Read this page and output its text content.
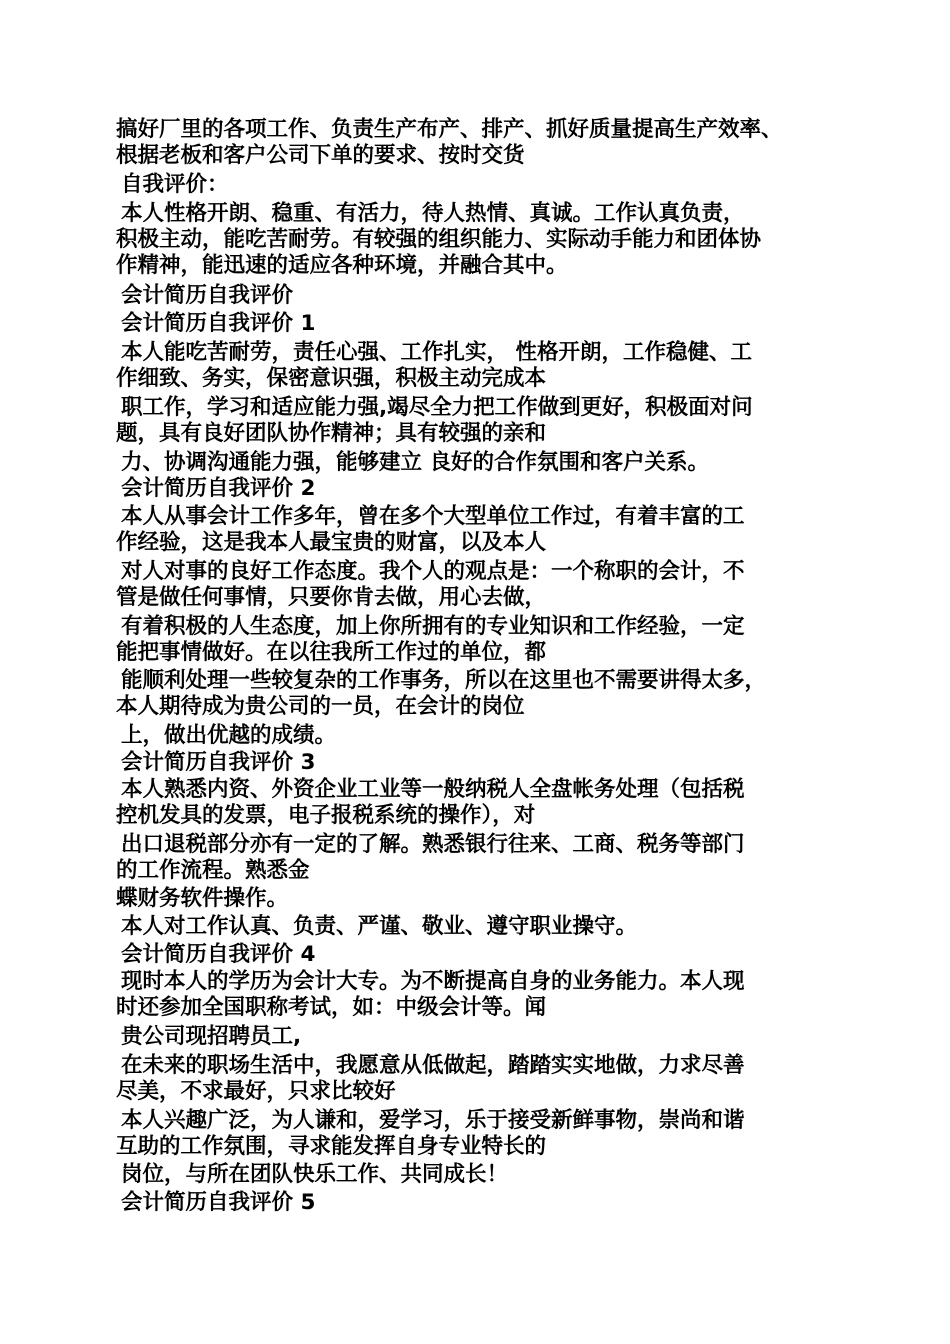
搞好厂里的各项工作、负责生产布产、排产、抓好质量提高生产效率、
根据老板和客户公司下单的要求、按时交货
自我评价：
本人性格开朗、稳重、有活力，待人热情、真诚。工作认真负责，
积极主动，能吃苦耐劳。有较强的组织能力、实际动手能力和团体协
作精神，能迅速的适应各种环境，并融合其中。
会计简历自我评价
会计简历自我评价 1
本人能吃苦耐劳，责任心强、工作扎实， 性格开朗，工作稳健、工
作细致、务实，保密意识强，积极主动完成本
职工作，学习和适应能力强,竭尽全力把工作做到更好，积极面对问
题，具有良好团队协作精神；具有较强的亲和
力、协调沟通能力强，能够建立 良好的合作氛围和客户关系。
会计简历自我评价 2
本人从事会计工作多年，曾在多个大型单位工作过，有着丰富的工
作经验，这是我本人最宝贵的财富，以及本人
对人对事的良好工作态度。我个人的观点是：一个称职的会计，不
管是做任何事情，只要你肯去做，用心去做，
有着积极的人生态度，加上你所拥有的专业知识和工作经验，一定
能把事情做好。在以往我所工作过的单位，都
能顺利处理一些较复杂的工作事务，所以在这里也不需要讲得太多，
本人期待成为贵公司的一员，在会计的岗位
上，做出优越的成绩。
会计简历自我评价 3
本人熟悉内资、外资企业工业等一般纳税人全盘帐务处理（包括税
控机发具的发票，电子报税系统的操作），对
出口退税部分亦有一定的了解。熟悉银行往来、工商、税务等部门
的工作流程。熟悉金
蝶财务软件操作。
本人对工作认真、负责、严谨、敬业、遵守职业操守。
会计简历自我评价 4
现时本人的学历为会计大专。为不断提高自身的业务能力。本人现
时还参加全国职称考试，如：中级会计等。闻
贵公司现招聘员工,
在未来的职场生活中，我愿意从低做起，踏踏实实地做，力求尽善
尽美，不求最好，只求比较好
本人兴趣广泛，为人谦和，爱学习，乐于接受新鲜事物，崇尚和谐
互助的工作氛围，寻求能发挥自身专业特长的
岗位，与所在团队快乐工作、共同成长！
会计简历自我评价 5
